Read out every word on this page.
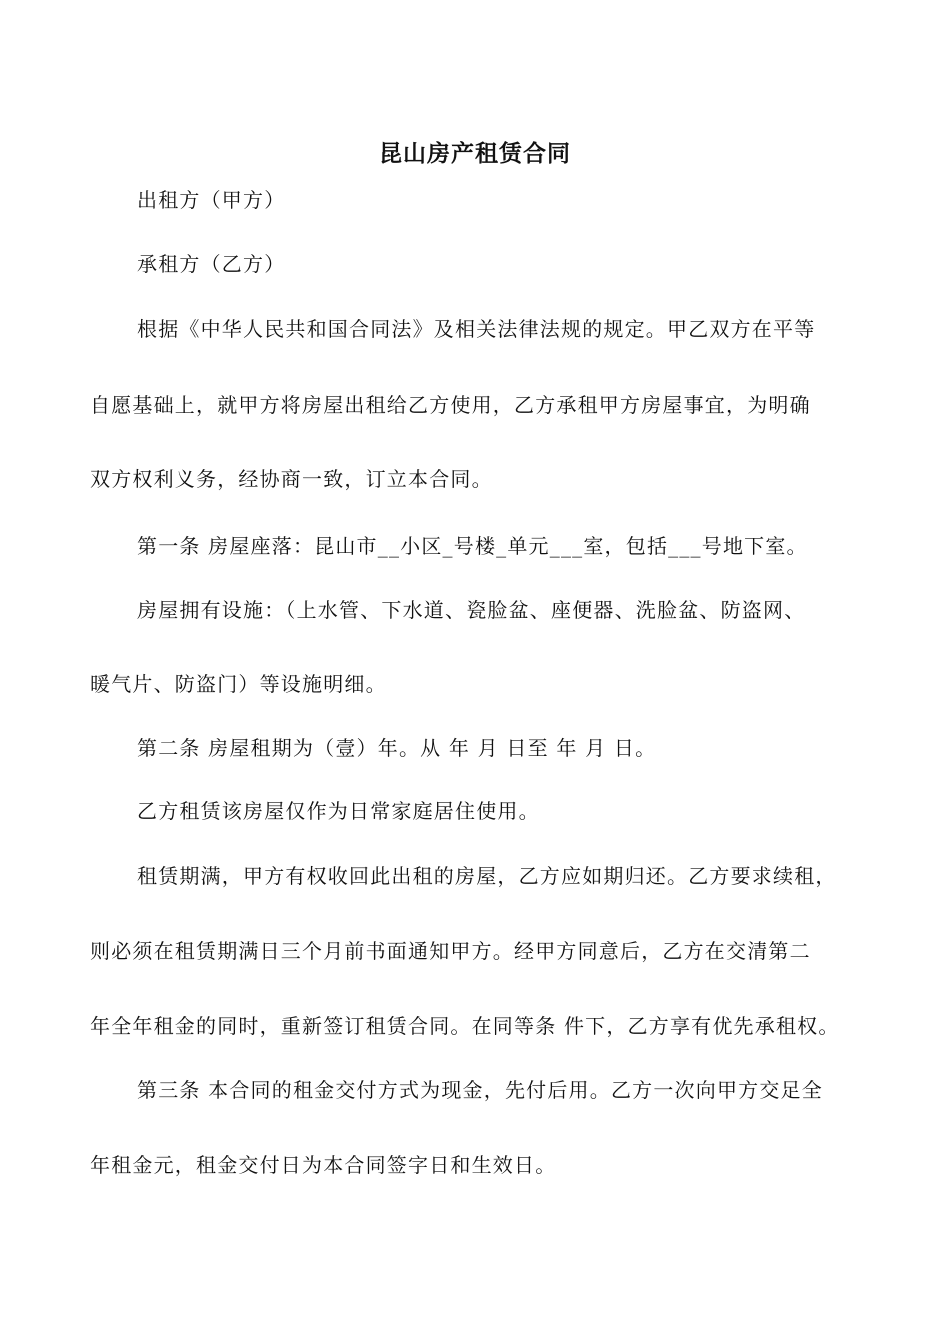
昆山房产租赁合同
出租方（甲方）
承租方（乙方）
根据《中华人民共和国合同法》及相关法律法规的规定。甲乙双方在平等
自愿基础上，就甲方将房屋出租给乙方使用，乙方承租甲方房屋事宜，为明确
双方权利义务，经协商一致，订立本合同。
第一条 房屋座落：昆山市__小区_号楼_单元___室，包括___号地下室。
房屋拥有设施：（上水管、下水道、瓷脸盆、座便器、洗脸盆、防盗网、
暖气片、防盗门）等设施明细。
第二条 房屋租期为（壹）年。从 年 月 日至 年 月 日。
乙方租赁该房屋仅作为日常家庭居住使用。
租赁期满，甲方有权收回此出租的房屋，乙方应如期归还。乙方要求续租，
则必须在租赁期满日三个月前书面通知甲方。经甲方同意后，乙方在交清第二
年全年租金的同时，重新签订租赁合同。在同等条 件下，乙方享有优先承租权。
第三条 本合同的租金交付方式为现金，先付后用。乙方一次向甲方交足全
年租金元，租金交付日为本合同签字日和生效日。
